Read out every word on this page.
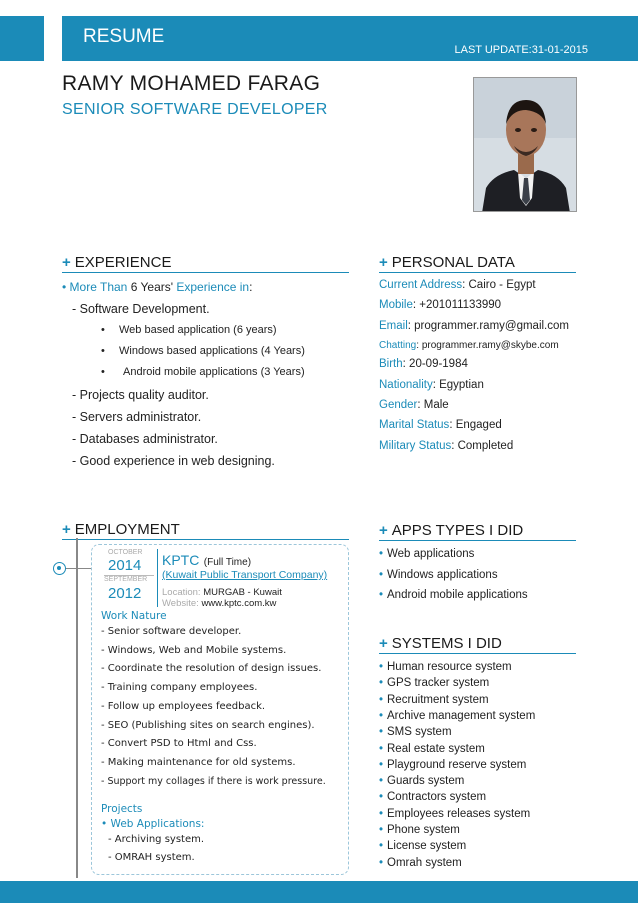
RESUME
LAST UPDATE:31-01-2015
RAMY MOHAMED FARAG
SENIOR SOFTWARE DEVELOPER
+ EXPERIENCE
• More Than 6 Years' Experience in:
- Software Development.
• Web based application (6 years)
• Windows based applications (4 Years)
• Android mobile applications (3 Years)
- Projects quality auditor.
- Servers administrator.
- Databases administrator.
- Good experience in web designing.
+ PERSONAL DATA
Current Address: Cairo - Egypt
Mobile: +201011133990
Email: programmer.ramy@gmail.com
Chatting: programmer.ramy@skybe.com
Birth: 20-09-1984
Nationality: Egyptian
Gender: Male
Marital Status: Engaged
Military Status: Completed
+ EMPLOYMENT
OCTOBER
2014
SEPTEMBER
2012
KPTC (Full Time)
(Kuwait Public Transport Company)
Location: MURGAB - Kuwait
Website: www.kptc.com.kw
Work Nature
- Senior software developer.
- Windows, Web and Mobile systems.
- Coordinate the resolution of design issues.
- Training company employees.
- Follow up employees feedback.
- SEO (Publishing sites on search engines).
- Convert PSD to Html and Css.
- Making maintenance for old systems.
- Support my collages if there is work pressure.
Projects
• Web Applications:
- Archiving system.
- OMRAH system.
+ APPS TYPES I DID
• Web applications
• Windows applications
• Android mobile applications
+ SYSTEMS I DID
• Human resource system
• GPS tracker system
• Recruitment system
• Archive management system
• SMS system
• Real estate system
• Playground reserve system
• Guards system
• Contractors system
• Employees releases system
• Phone system
• License system
• Omrah system
